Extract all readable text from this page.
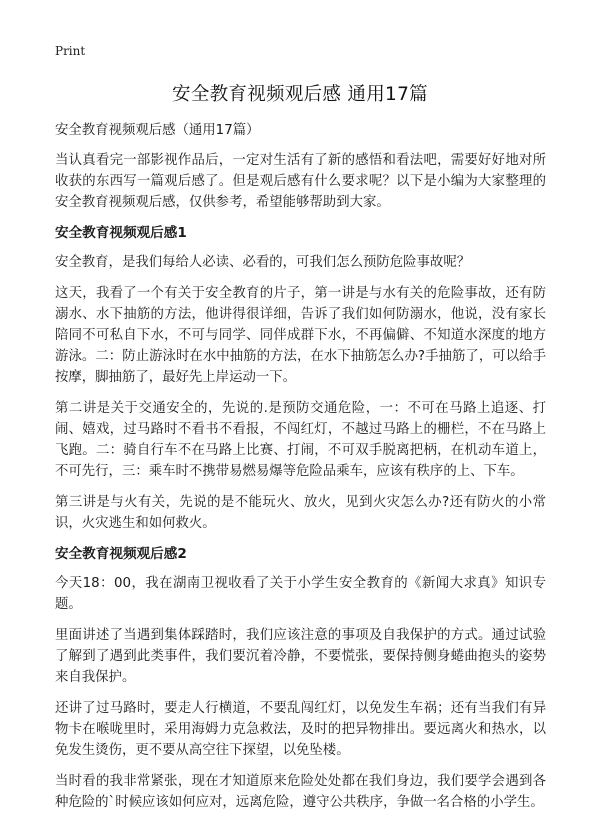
Print
安全教育视频观后感 通用17篇

安全教育视频观后感（通用17篇）

当认真看完一部影视作品后，一定对生活有了新的感悟和看法吧，需要好好地对所收获的东西写一篇观后感了。但是观后感有什么要求呢？以下是小编为大家整理的安全教育视频观后感，仅供参考，希望能够帮助到大家。

安全教育视频观后感1

安全教育，是我们每给人必读、必看的，可我们怎么预防危险事故呢？

这天，我看了一个有关于安全教育的片子，第一讲是与水有关的危险事故，还有防溺水、水下抽筋的方法，他讲得很详细，告诉了我们如何防溺水，他说，没有家长陪同不可私自下水，不可与同学、同伴成群下水，不再偏僻、不知道水深度的地方游泳。二：防止游泳时在水中抽筋的方法，在水下抽筋怎么办?手抽筋了，可以给手按摩，脚抽筋了，最好先上岸运动一下。

第二讲是关于交通安全的，先说的.是预防交通危险，一：不可在马路上追逐、打闹、嬉戏，过马路时不看书不看报，不闯红灯，不越过马路上的栅栏，不在马路上飞跑。二：骑自行车不在马路上比赛、打闹，不可双手脱离把柄，在机动车道上，不可先行，三：乘车时不携带易燃易爆等危险品乘车，应该有秩序的上、下车。

第三讲是与火有关，先说的是不能玩火、放火，见到火灾怎么办?还有防火的小常识，火灾逃生和如何救火。

安全教育视频观后感2

今天18：00，我在湖南卫视收看了关于小学生安全教育的《新闻大求真》知识专题。

里面讲述了当遇到集体踩踏时，我们应该注意的事项及自我保护的方式。通过试验了解到了遇到此类事件，我们要沉着冷静，不要慌张，要保持侧身蜷曲抱头的姿势来自我保护。

还讲了过马路时，要走人行横道，不要乱闯红灯，以免发生车祸；还有当我们有异物卡在喉咙里时，采用海姆力克急救法，及时的把异物排出。要远离火和热水，以免发生烫伤，更不要从高空往下探望，以免坠楼。

当时看的我非常紧张，现在才知道原来危险处处都在我们身边，我们要学会遇到各种危险的`时候应该如何应对，远离危险，遵守公共秩序，争做一名合格的小学生。
